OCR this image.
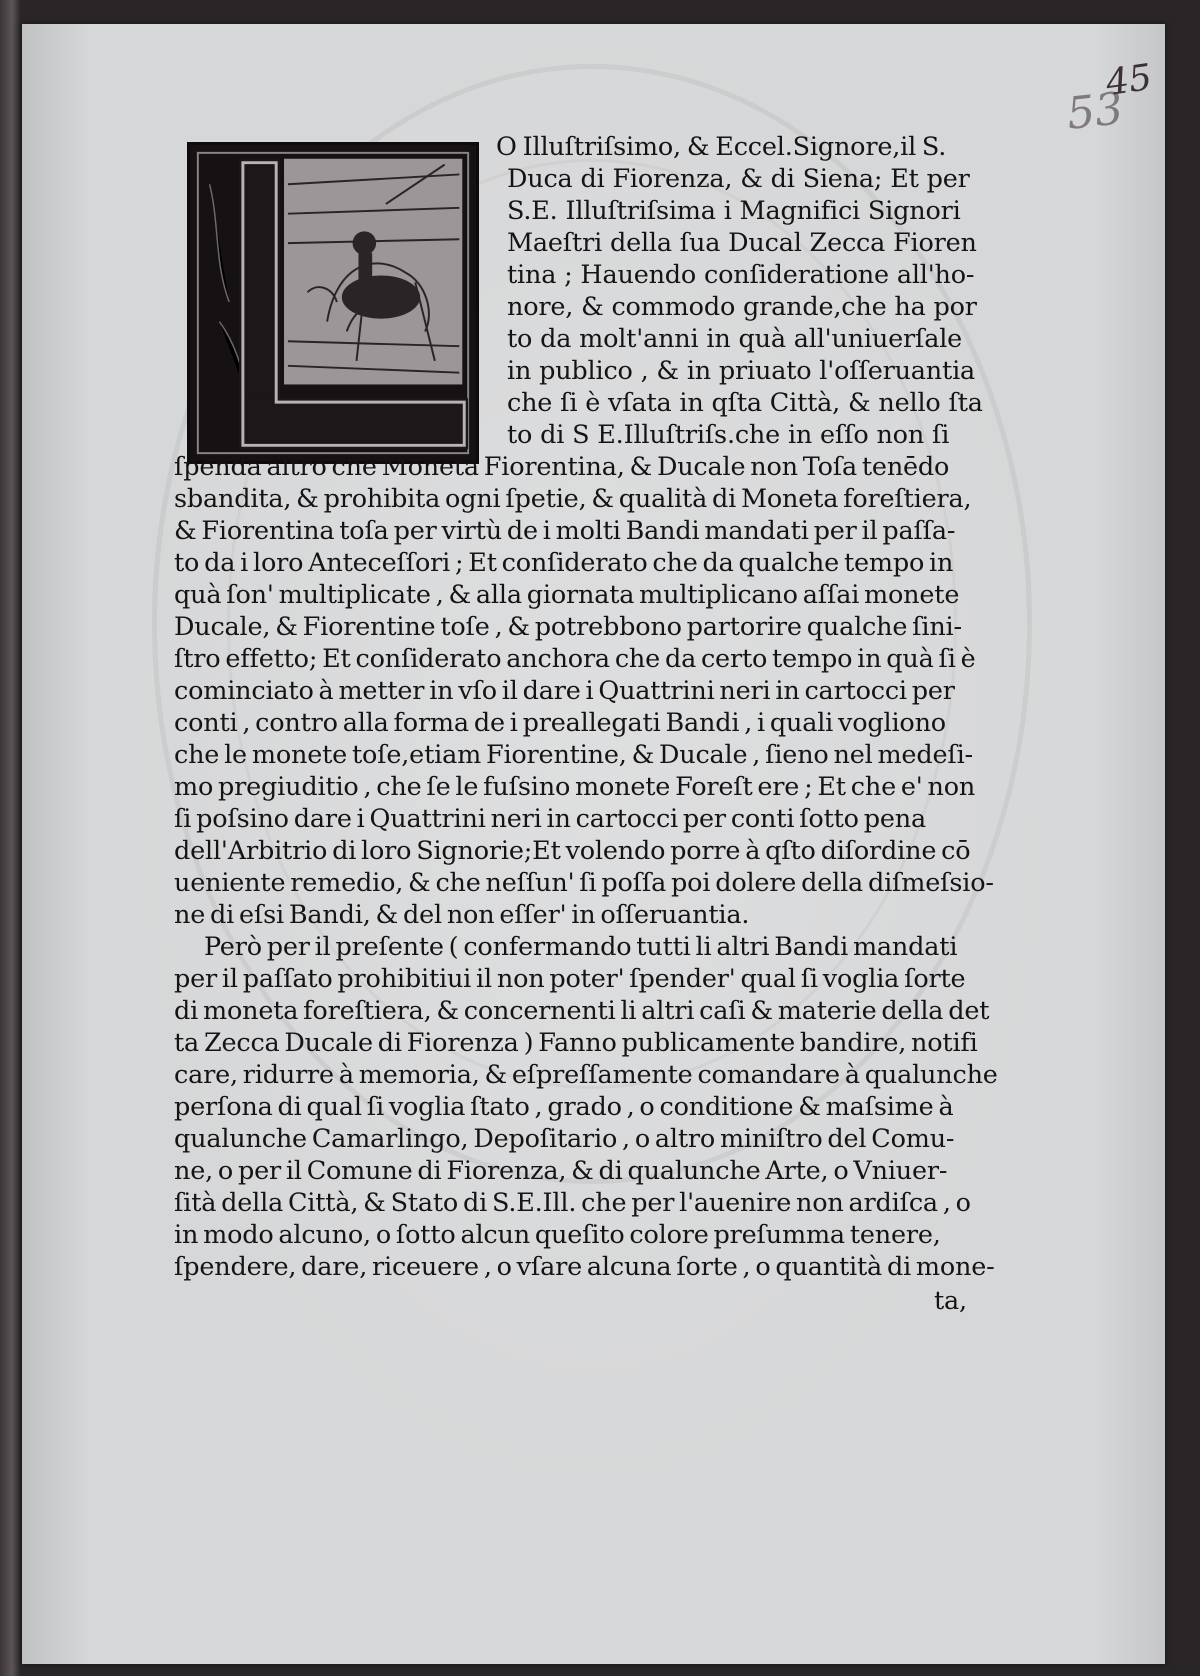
53
45
O Illuſtriſsimo, & Eccel.Signore,il S.
Duca di Fiorenza, & di Siena; Et per
S.E. Illuſtriſsima i Magnifici Signori
Maeſtri della ſua Ducal Zecca Fioren
tina ; Hauendo conſideratione all'ho-
nore, & commodo grande,che ha por
to da molt'anni in quà all'uniuerſale
in publico , & in priuato l'oſſeruantia
che ſi è vſata in qſta Città, & nello ſta
to di S E.Illuſtriſs.che in eſſo non ſi
ſpenda altro che Moneta Fiorentina, & Ducale non Toſa tenēdo
sbandita, & prohibita ogni ſpetie, & qualità di Moneta foreſtiera,
& Fiorentina toſa per virtù de i molti Bandi mandati per il paſſa-
to da i loro Anteceſſori ; Et conſiderato che da qualche tempo in
quà ſon' multiplicate , & alla giornata multiplicano aſſai monete
Ducale, & Fiorentine toſe , & potrebbono partorire qualche ſini-
ſtro effetto; Et conſiderato anchora che da certo tempo in quà ſi è
cominciato à metter in vſo il dare i Quattrini neri in cartocci per
conti , contro alla forma de i preallegati Bandi , i quali vogliono
che le monete toſe,etiam Fiorentine, & Ducale , ſieno nel medeſi-
mo pregiuditio , che ſe le fuſsino monete Foreſt ere ; Et che e' non
ſi poſsino dare i Quattrini neri in cartocci per conti ſotto pena
dell'Arbitrio di loro Signorie;Et volendo porre à qſto diſordine cō
ueniente remedio, & che neſſun' ſi poſſa poi dolere della diſmeſsio-
ne di eſsi Bandi, & del non eſſer' in oſſeruantia.
Però per il preſente ( confermando tutti li altri Bandi mandati
per il paſſato prohibitiui il non poter' ſpender' qual ſi voglia ſorte
di moneta foreſtiera, & concernenti li altri caſi & materie della det
ta Zecca Ducale di Fiorenza ) Fanno publicamente bandire, notifi
care, ridurre à memoria, & eſpreſſamente comandare à qualunche
perſona di qual ſi voglia ſtato , grado , o conditione & maſsime à
qualunche Camarlingo, Depoſitario , o altro miniſtro del Comu-
ne, o per il Comune di Fiorenza, & di qualunche Arte, o Vniuer-
ſità della Città, & Stato di S.E.Ill. che per l'auenire non ardiſca , o
in modo alcuno, o ſotto alcun queſito colore preſumma tenere,
ſpendere, dare, riceuere , o vſare alcuna ſorte , o quantità di mone-
ta,
